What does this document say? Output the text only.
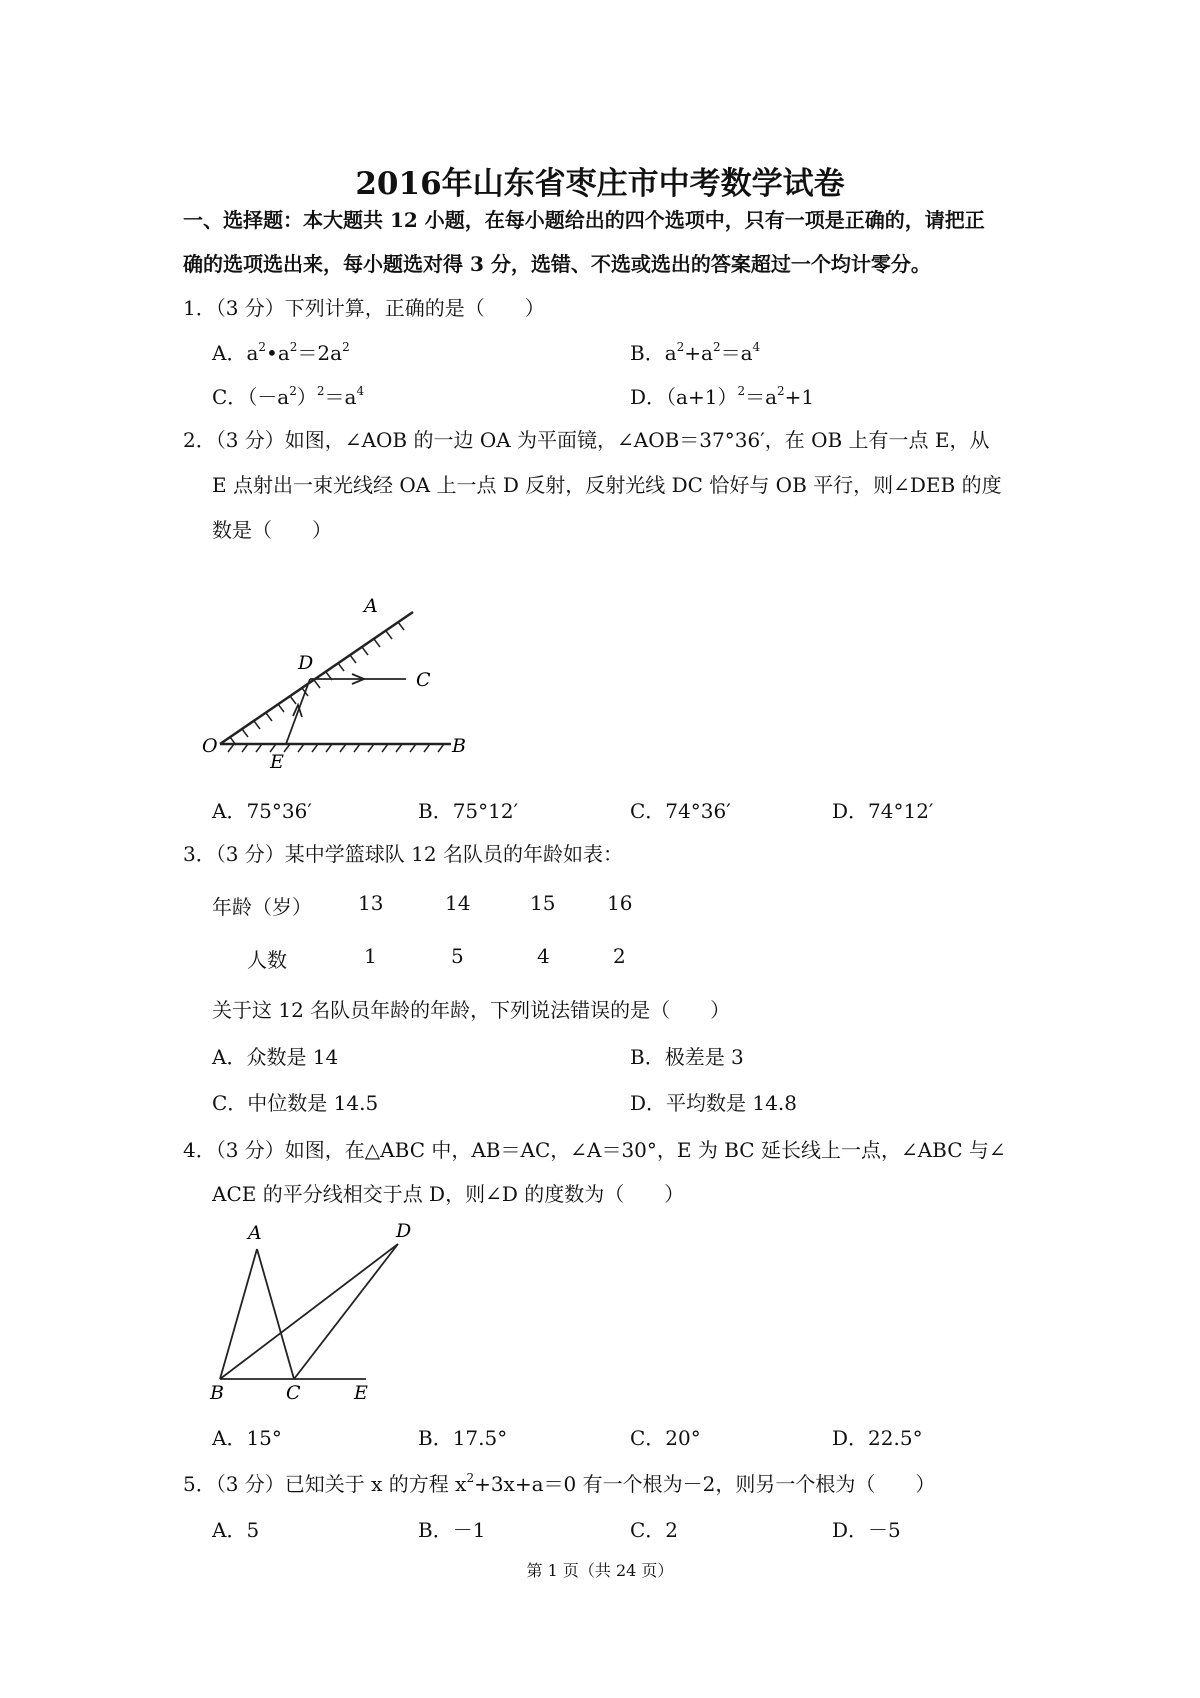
2016年山东省枣庄市中考数学试卷
一、选择题：本大题共 12 小题，在每小题给出的四个选项中，只有一项是正确的，请把正
确的选项选出来，每小题选对得 3 分，选错、不选或选出的答案超过一个均计零分。
1．（3 分）下列计算，正确的是（　　）
A．$a^2•a^2=2a^2$	B．$a^2+a^2=a^4$
C．$(-a^2)^2=a^4$	D．$(a+1)^2=a^2+1$
2．（3 分）如图，∠AOB 的一边 OA 为平面镜，∠AOB＝37°36′，在 OB 上有一点 E，从
E 点射出一束光线经 OA 上一点 D 反射，反射光线 DC 恰好与 OB 平行，则∠DEB 的度
数是（　　）
A
C
D
O
E
B
A．75°36′	B．75°12′	C．74°36′	D．74°12′
3．（3 分）某中学篮球队 12 名队员的年龄如表：
年龄（岁） 13	14	15	16
人数	1	5	4	2
关于这 12 名队员年龄的年龄，下列说法错误的是（　　）
A．众数是 14	B．极差是 3
C．中位数是 14.5	D．平均数是 14.8
4．（3 分）如图，在△ABC 中，AB＝AC，∠A＝30°，E 为 BC 延长线上一点，∠ABC 与∠
ACE 的平分线相交于点 D，则∠D 的度数为（　　）
A	D
B	C	E
A．15°	B．17.5°	C．20°	D．22.5°
5．（3 分）已知关于 x 的方程 $x^2+3x+a=0$ 有一个根为－2，则另一个根为（　　）
A．5	B．－1	C．2	D．－5
第 1 页（共 24 页）
